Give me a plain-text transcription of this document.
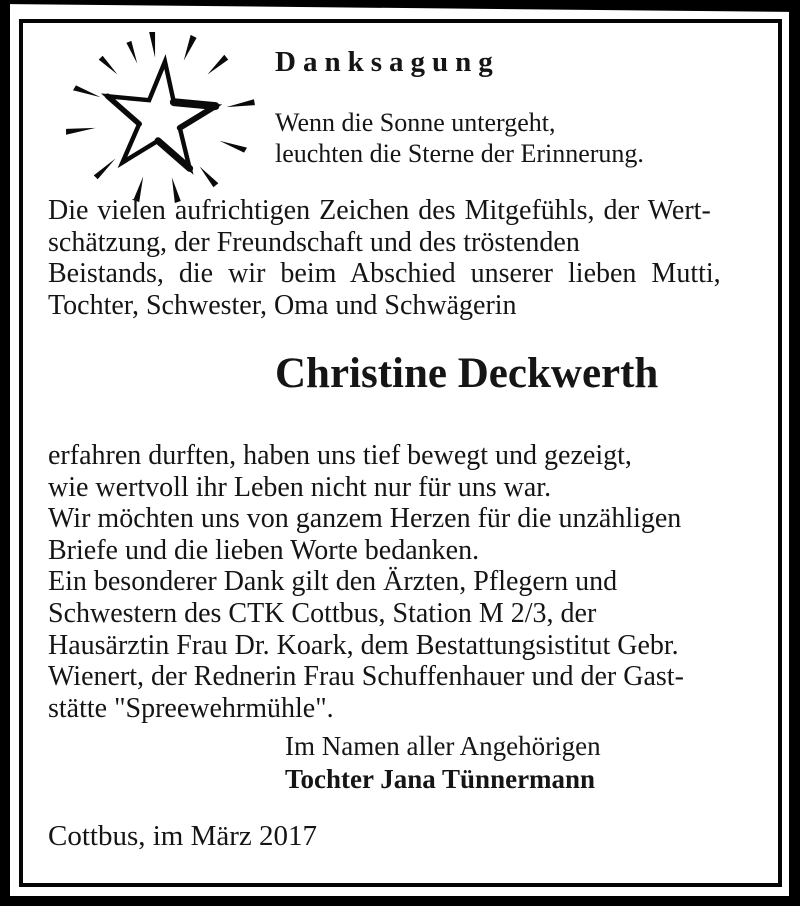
Danksagung
Wenn die Sonne untergeht,
leuchten die Sterne der Erinnerung.
Die vielen aufrichtigen Zeichen des Mitgefühls, der Wert-
schätzung, der Freundschaft und des tröstenden
Beistands, die wir beim Abschied unserer lieben Mutti,
Tochter, Schwester, Oma und Schwägerin
Christine Deckwerth
erfahren durften, haben uns tief bewegt und gezeigt,
wie wertvoll ihr Leben nicht nur für uns war.
Wir möchten uns von ganzem Herzen für die unzähligen
Briefe und die lieben Worte bedanken.
Ein besonderer Dank gilt den Ärzten, Pflegern und
Schwestern des CTK Cottbus, Station M 2/3, der
Hausärztin Frau Dr. Koark, dem Bestattungsistitut Gebr.
Wienert, der Rednerin Frau Schuffenhauer und der Gast-
stätte "Spreewehrmühle".
Im Namen aller Angehörigen
Tochter Jana Tünnermann
Cottbus, im März 2017
